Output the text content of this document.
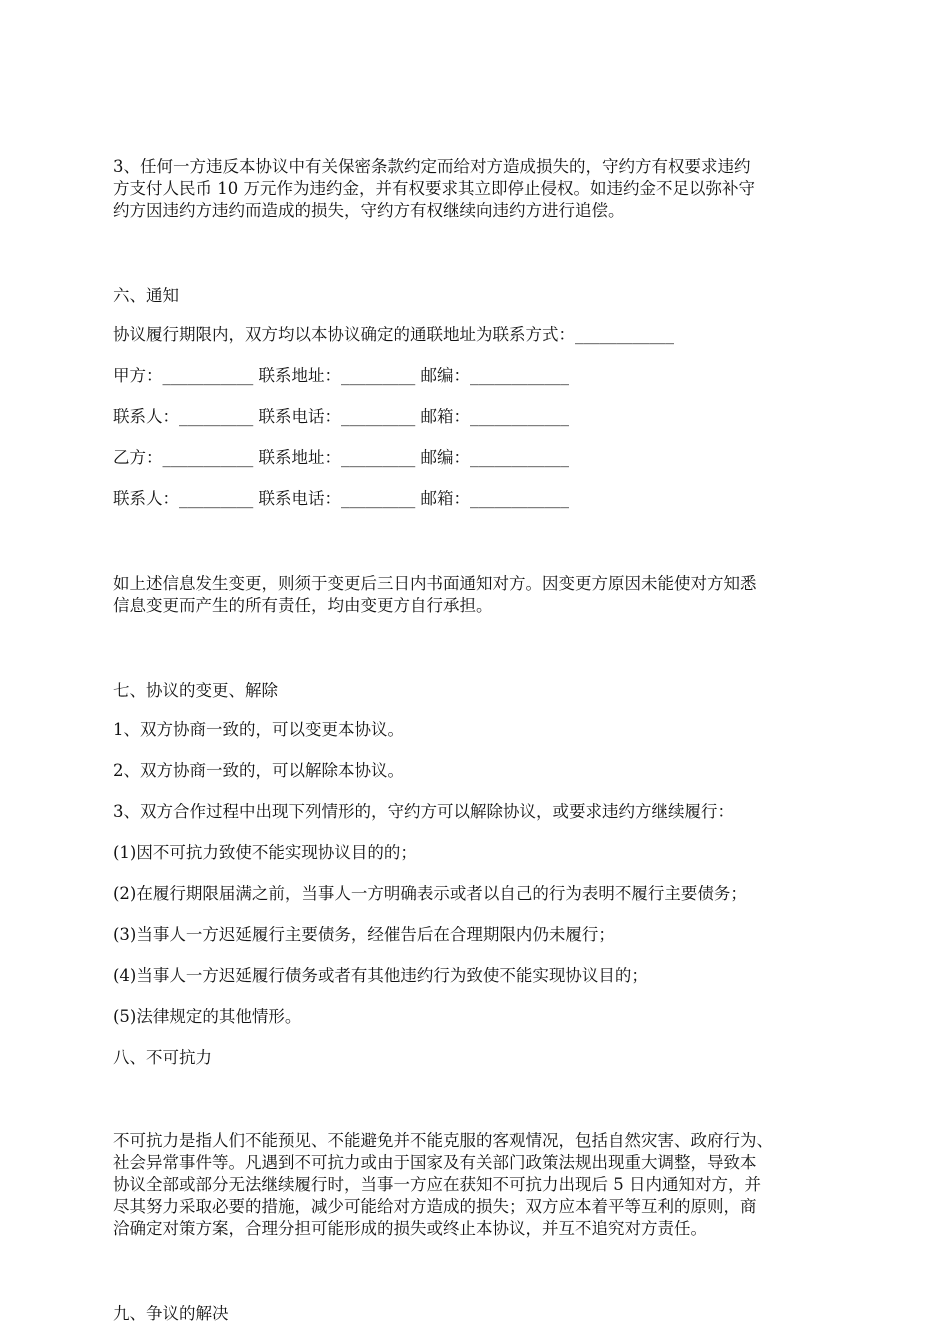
3、任何一方违反本协议中有关保密条款约定而给对方造成损失的，守约方有权要求违约
方支付人民币 10 万元作为违约金，并有权要求其立即停止侵权。如违约金不足以弥补守
约方因违约方违约而造成的损失，守约方有权继续向违约方进行追偿。

六、通知

协议履行期限内，双方均以本协议确定的通联地址为联系方式：____________

甲方：___________ 联系地址：_________ 邮编：____________

联系人：_________ 联系电话：_________ 邮箱：____________

乙方：___________ 联系地址：_________ 邮编：____________

联系人：_________ 联系电话：_________ 邮箱：____________

如上述信息发生变更，则须于变更后三日内书面通知对方。因变更方原因未能使对方知悉
信息变更而产生的所有责任，均由变更方自行承担。

七、协议的变更、解除

1、双方协商一致的，可以变更本协议。

2、双方协商一致的，可以解除本协议。

3、双方合作过程中出现下列情形的，守约方可以解除协议，或要求违约方继续履行：

(1)因不可抗力致使不能实现协议目的的；

(2)在履行期限届满之前，当事人一方明确表示或者以自己的行为表明不履行主要债务；

(3)当事人一方迟延履行主要债务，经催告后在合理期限内仍未履行；

(4)当事人一方迟延履行债务或者有其他违约行为致使不能实现协议目的；

(5)法律规定的其他情形。

八、不可抗力

不可抗力是指人们不能预见、不能避免并不能克服的客观情况，包括自然灾害、政府行为、
社会异常事件等。凡遇到不可抗力或由于国家及有关部门政策法规出现重大调整，导致本
协议全部或部分无法继续履行时，当事一方应在获知不可抗力出现后 5 日内通知对方，并
尽其努力采取必要的措施，减少可能给对方造成的损失；双方应本着平等互利的原则，商
洽确定对策方案，合理分担可能形成的损失或终止本协议，并互不追究对方责任。

九、争议的解决
